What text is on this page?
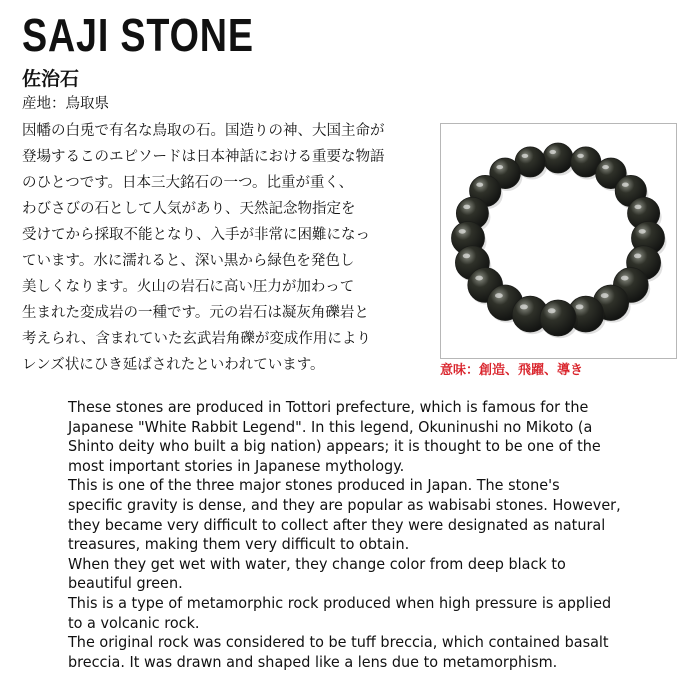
SAJI STONE
佐治石
産地：鳥取県
因幡の白兎で有名な鳥取の石。国造りの神、大国主命が
登場するこのエピソードは日本神話における重要な物語
のひとつです。日本三大銘石の一つ。比重が重く、
わびさびの石として人気があり、天然記念物指定を
受けてから採取不能となり、入手が非常に困難になっ
ています。水に濡れると、深い黒から緑色を発色し
美しくなります。火山の岩石に高い圧力が加わって
生まれた変成岩の一種です。元の岩石は凝灰角礫岩と
考えられ、含まれていた玄武岩角礫が変成作用により
レンズ状にひき延ばされたといわれています。	意味：創造、飛躍、導き
These stones are produced in Tottori prefecture, which is famous for the
Japanese "White Rabbit Legend". In this legend, Okuninushi no Mikoto (a
Shinto deity who built a big nation) appears; it is thought to be one of the
most important stories in Japanese mythology.
This is one of the three major stones produced in Japan. The stone's
specific gravity is dense, and they are popular as wabisabi stones. However,
they became very difficult to collect after they were designated as natural
treasures, making them very difficult to obtain.
When they get wet with water, they change color from deep black to
beautiful green.
This is a type of metamorphic rock produced when high pressure is applied
to a volcanic rock.
The original rock was considered to be tuff breccia, which contained basalt
breccia. It was drawn and shaped like a lens due to metamorphism.
